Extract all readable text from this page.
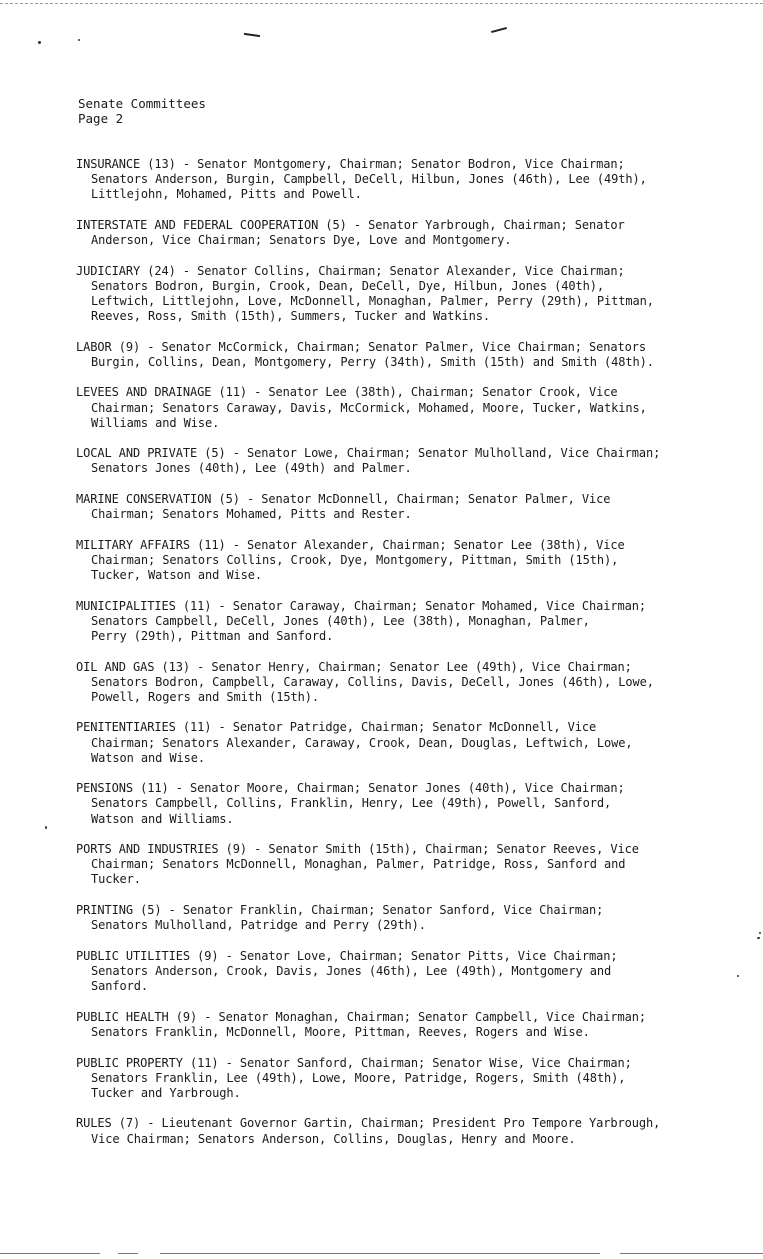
Senate Committees
Page 2

INSURANCE (13) - Senator Montgomery, Chairman; Senator Bodron, Vice Chairman;
Senators Anderson, Burgin, Campbell, DeCell, Hilbun, Jones (46th), Lee (49th),
Littlejohn, Mohamed, Pitts and Powell.

INTERSTATE AND FEDERAL COOPERATION (5) - Senator Yarbrough, Chairman; Senator
Anderson, Vice Chairman; Senators Dye, Love and Montgomery.

JUDICIARY (24) - Senator Collins, Chairman; Senator Alexander, Vice Chairman;
Senators Bodron, Burgin, Crook, Dean, DeCell, Dye, Hilbun, Jones (40th),
Leftwich, Littlejohn, Love, McDonnell, Monaghan, Palmer, Perry (29th), Pittman,
Reeves, Ross, Smith (15th), Summers, Tucker and Watkins.

LABOR (9) - Senator McCormick, Chairman; Senator Palmer, Vice Chairman; Senators
Burgin, Collins, Dean, Montgomery, Perry (34th), Smith (15th) and Smith (48th).

LEVEES AND DRAINAGE (11) - Senator Lee (38th), Chairman; Senator Crook, Vice
Chairman; Senators Caraway, Davis, McCormick, Mohamed, Moore, Tucker, Watkins,
Williams and Wise.

LOCAL AND PRIVATE (5) - Senator Lowe, Chairman; Senator Mulholland, Vice Chairman;
Senators Jones (40th), Lee (49th) and Palmer.

MARINE CONSERVATION (5) - Senator McDonnell, Chairman; Senator Palmer, Vice
Chairman; Senators Mohamed, Pitts and Rester.

MILITARY AFFAIRS (11) - Senator Alexander, Chairman; Senator Lee (38th), Vice
Chairman; Senators Collins, Crook, Dye, Montgomery, Pittman, Smith (15th),
Tucker, Watson and Wise.

MUNICIPALITIES (11) - Senator Caraway, Chairman; Senator Mohamed, Vice Chairman;
Senators Campbell, DeCell, Jones (40th), Lee (38th), Monaghan, Palmer,
Perry (29th), Pittman and Sanford.

OIL AND GAS (13) - Senator Henry, Chairman; Senator Lee (49th), Vice Chairman;
Senators Bodron, Campbell, Caraway, Collins, Davis, DeCell, Jones (46th), Lowe,
Powell, Rogers and Smith (15th).

PENITENTIARIES (11) - Senator Patridge, Chairman; Senator McDonnell, Vice
Chairman; Senators Alexander, Caraway, Crook, Dean, Douglas, Leftwich, Lowe,
Watson and Wise.

PENSIONS (11) - Senator Moore, Chairman; Senator Jones (40th), Vice Chairman;
Senators Campbell, Collins, Franklin, Henry, Lee (49th), Powell, Sanford,
Watson and Williams.

PORTS AND INDUSTRIES (9) - Senator Smith (15th), Chairman; Senator Reeves, Vice
Chairman; Senators McDonnell, Monaghan, Palmer, Patridge, Ross, Sanford and
Tucker.

PRINTING (5) - Senator Franklin, Chairman; Senator Sanford, Vice Chairman;
Senators Mulholland, Patridge and Perry (29th).

PUBLIC UTILITIES (9) - Senator Love, Chairman; Senator Pitts, Vice Chairman;
Senators Anderson, Crook, Davis, Jones (46th), Lee (49th), Montgomery and
Sanford.

PUBLIC HEALTH (9) - Senator Monaghan, Chairman; Senator Campbell, Vice Chairman;
Senators Franklin, McDonnell, Moore, Pittman, Reeves, Rogers and Wise.

PUBLIC PROPERTY (11) - Senator Sanford, Chairman; Senator Wise, Vice Chairman;
Senators Franklin, Lee (49th), Lowe, Moore, Patridge, Rogers, Smith (48th),
Tucker and Yarbrough.

RULES (7) - Lieutenant Governor Gartin, Chairman; President Pro Tempore Yarbrough,
Vice Chairman; Senators Anderson, Collins, Douglas, Henry and Moore.
